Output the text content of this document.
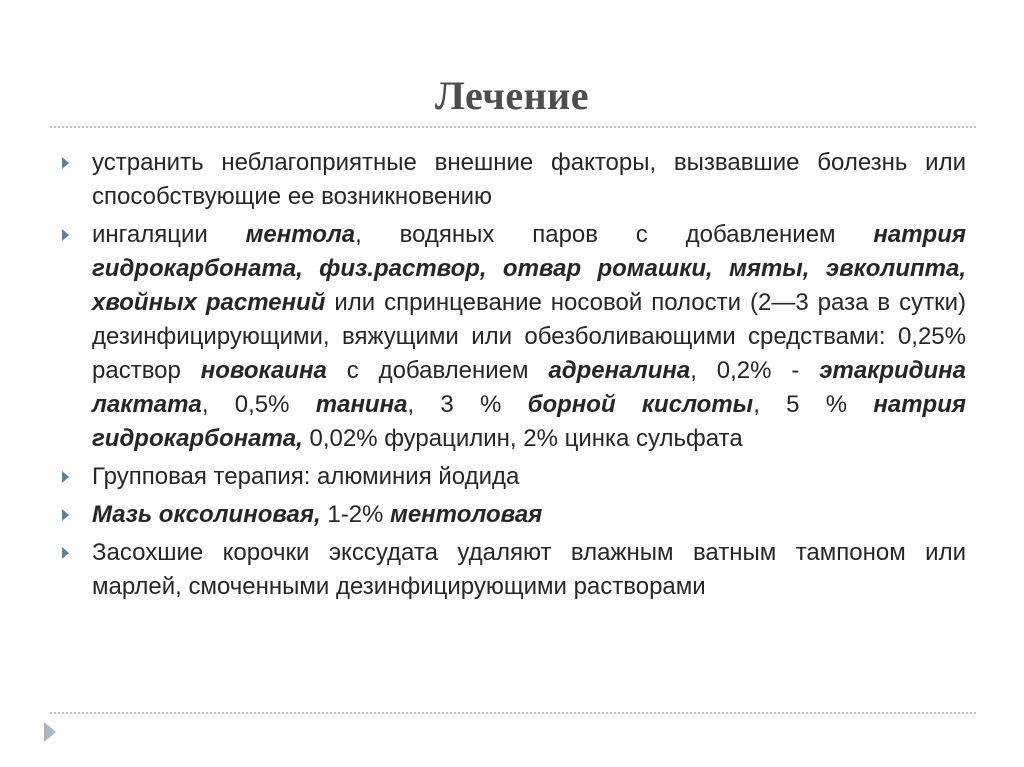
Лечение
устранить неблагоприятные внешние факторы, вызвавшие болезнь или способствующие ее возникновению
ингаляции ментола, водяных паров с добавлением натрия гидрокарбоната, физ.раствор, отвар ромашки, мяты, эвколипта, хвойных растений или спринцевание носовой полости (2—3 раза в сутки) дезинфицирующими, вяжущими или обезболивающими средствами: 0,25% раствор новокаина с добавлением адреналина, 0,2% - этакридина лактата, 0,5% танина, 3 % борной кислоты, 5 % натрия гидрокарбоната, 0,02% фурацилин, 2% цинка сульфата
Групповая терапия: алюминия йодида
Мазь оксолиновая, 1-2% ментоловая
Засохшие корочки экссудата удаляют влажным ватным тампоном или марлей, смоченными дезинфицирующими растворами
